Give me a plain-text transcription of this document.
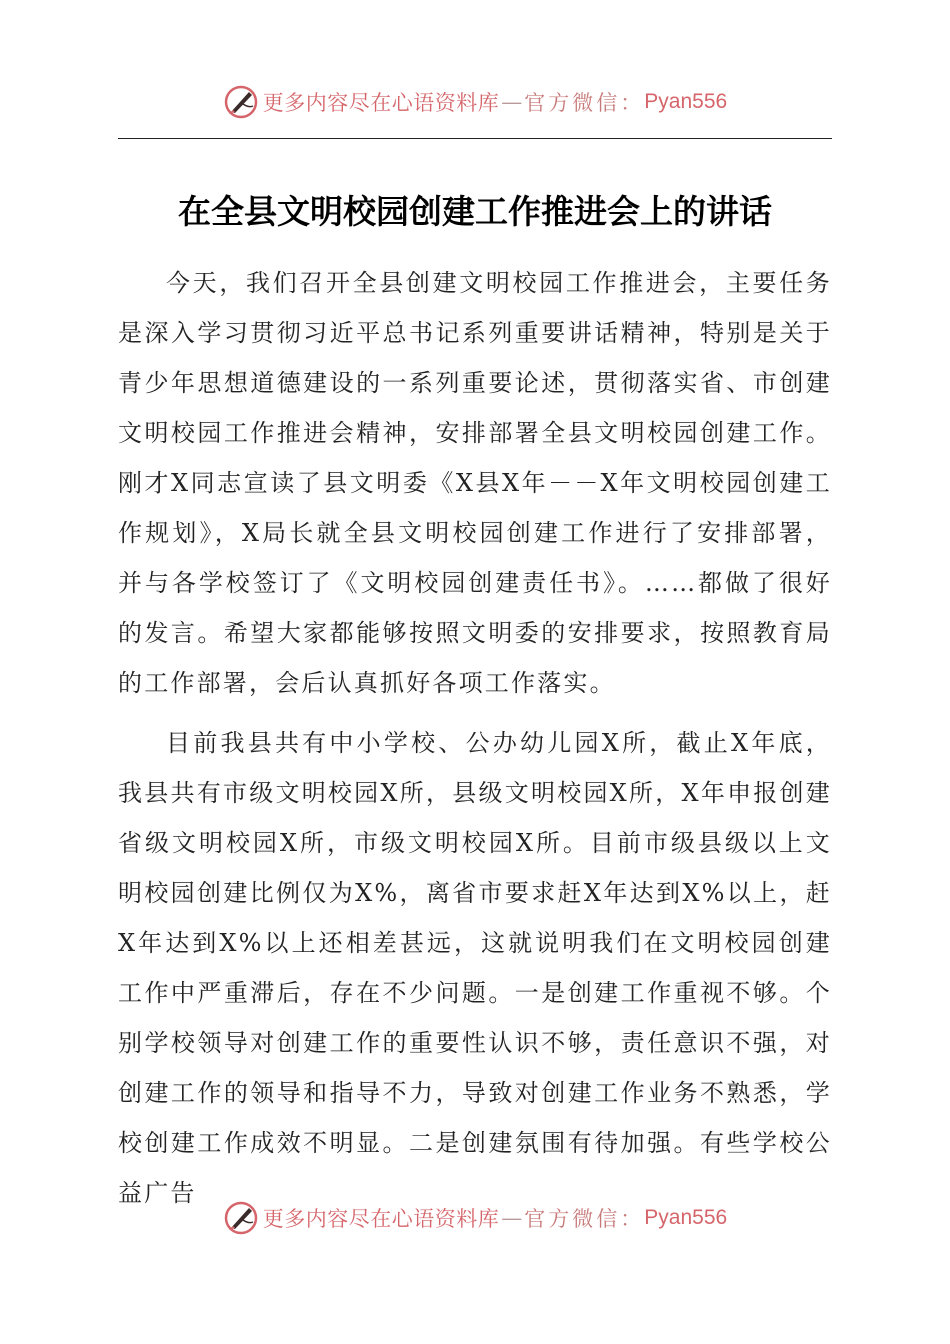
更多内容尽在心语资料库 — 官方微信： Pyan556
在全县文明校园创建工作推进会上的讲话

今天，我们召开全县创建文明校园工作推进会，主要任务是深入学习贯彻习近平总书记系列重要讲话精神，特别是关于青少年思想道德建设的一系列重要论述，贯彻落实省、市创建文明校园工作推进会精神，安排部署全县文明校园创建工作。刚才X同志宣读了县文明委《X县X年－－X年文明校园创建工作规划》，X局长就全县文明校园创建工作进行了安排部署，并与各学校签订了《文明校园创建责任书》。……都做了很好的发言。希望大家都能够按照文明委的安排要求，按照教育局的工作部署，会后认真抓好各项工作落实。

目前我县共有中小学校、公办幼儿园X所，截止X年底，我县共有市级文明校园X所，县级文明校园X所，X年申报创建省级文明校园X所，市级文明校园X所。目前市级县级以上文明校园创建比例仅为X%，离省市要求赶X年达到X%以上，赶X年达到X%以上还相差甚远，这就说明我们在文明校园创建工作中严重滞后，存在不少问题。一是创建工作重视不够。个别学校领导对创建工作的重要性认识不够，责任意识不强，对创建工作的领导和指导不力，导致对创建工作业务不熟悉，学校创建工作成效不明显。二是创建氛围有待加强。有些学校公益广告

更多内容尽在心语资料库 — 官方微信： Pyan556
